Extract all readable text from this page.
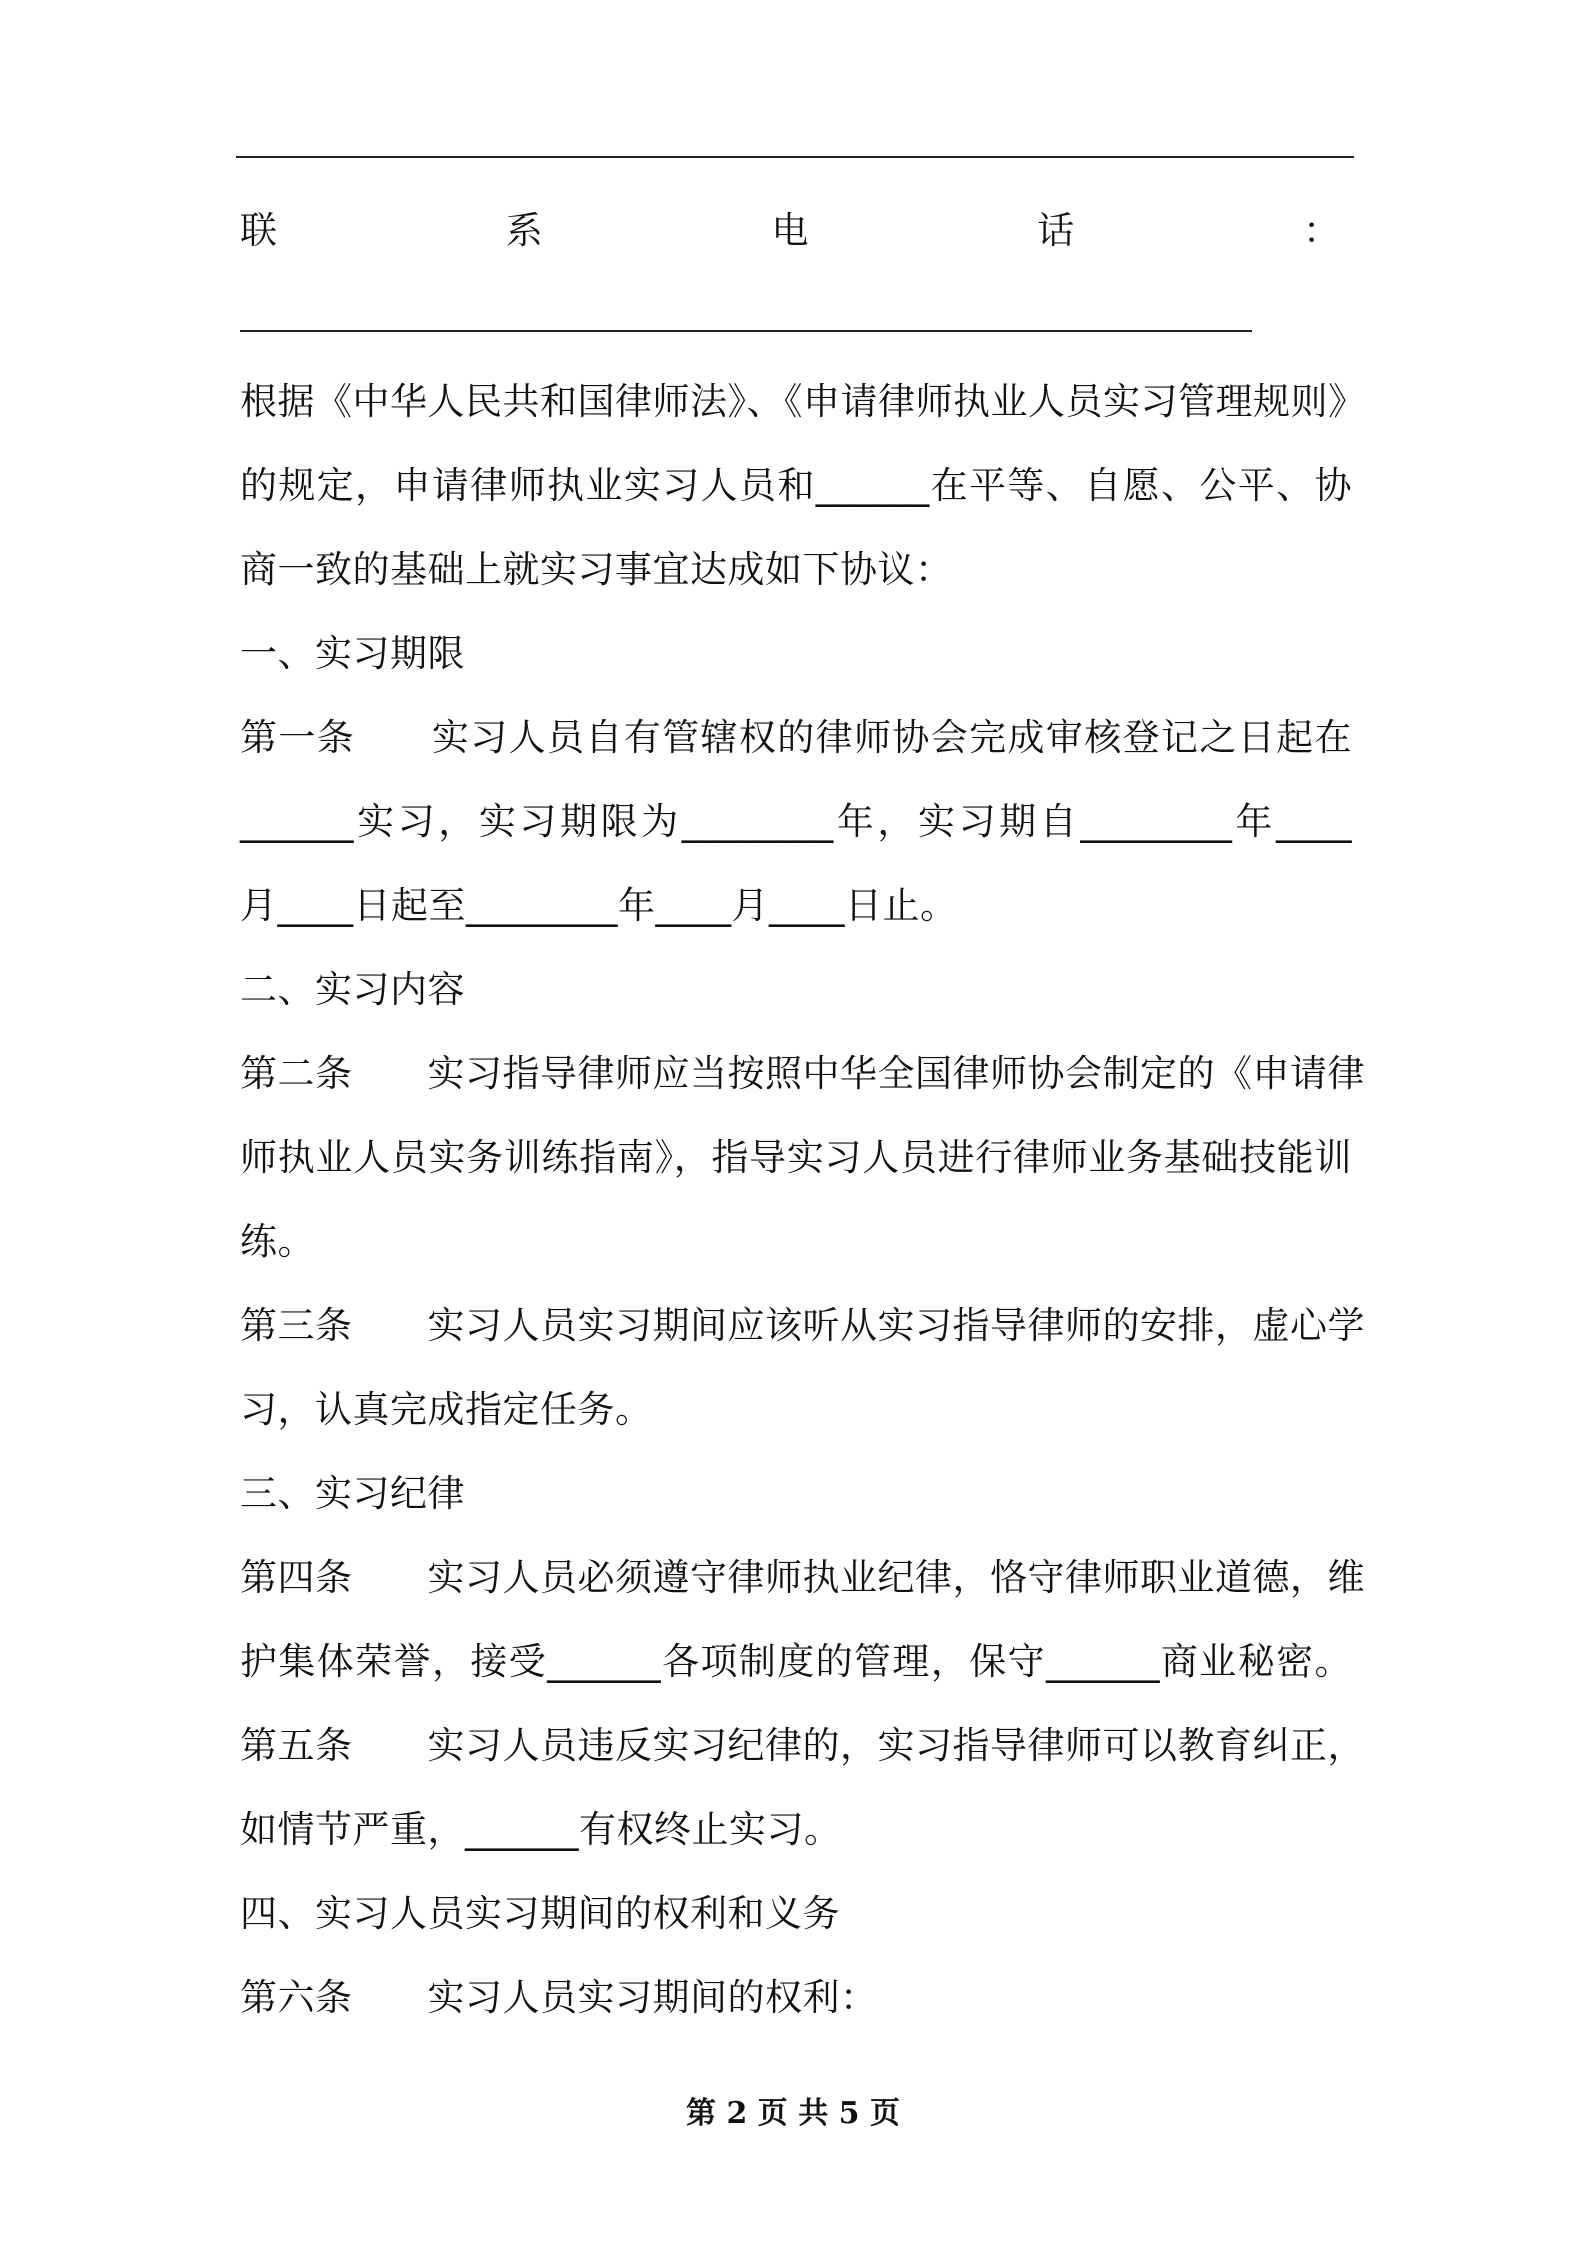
联	系	电	话	：
根据《中华人民共和国律师法》、《申请律师执业人员实习管理规则》
的规定，申请律师执业实习人员和______在平等、自愿、公平、协
商一致的基础上就实习事宜达成如下协议：
一、实习期限
第一条　　实习人员自有管辖权的律师协会完成审核登记之日起在
______实习，实习期限为________年，实习期自________年____
月____日起至________年____月____日止。
二、实习内容
第二条　　实习指导律师应当按照中华全国律师协会制定的《申请律
师执业人员实务训练指南》，指导实习人员进行律师业务基础技能训
练。
第三条　　实习人员实习期间应该听从实习指导律师的安排，虚心学
习，认真完成指定任务。
三、实习纪律
第四条　　实习人员必须遵守律师执业纪律，恪守律师职业道德，维
护集体荣誉，接受______各项制度的管理，保守______商业秘密。
第五条　　实习人员违反实习纪律的，实习指导律师可以教育纠正，
如情节严重，______有权终止实习。
四、实习人员实习期间的权利和义务
第六条　　实习人员实习期间的权利：
第 2 页 共 5 页
